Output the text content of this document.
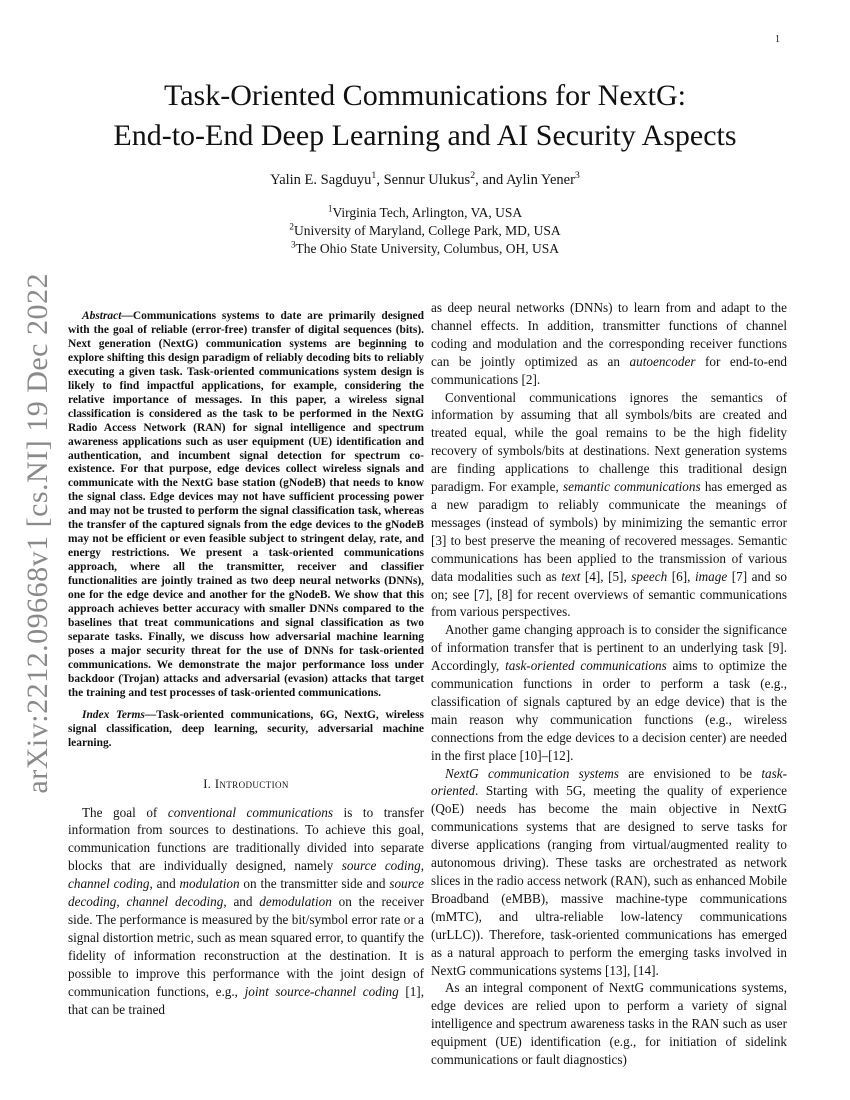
1
arXiv:2212.09668v1 [cs.NI] 19 Dec 2022
Task-Oriented Communications for NextG:
End-to-End Deep Learning and AI Security Aspects
Yalin E. Sagduyu$^1$, Sennur Ulukus$^2$, and Aylin Yener$^3$
$^1$Virginia Tech, Arlington, VA, USA
$^2$University of Maryland, College Park, MD, USA
$^3$The Ohio State University, Columbus, OH, USA

Abstract—Communications systems to date are primarily designed with the goal of reliable (error-free) transfer of digital sequences (bits). Next generation (NextG) communication systems are beginning to explore shifting this design paradigm of reliably decoding bits to reliably executing a given task. Task-oriented communications system design is likely to find impactful applications, for example, considering the relative importance of messages. In this paper, a wireless signal classification is considered as the task to be performed in the NextG Radio Access Network (RAN) for signal intelligence and spectrum awareness applications such as user equipment (UE) identification and authentication, and incumbent signal detection for spectrum co-existence. For that purpose, edge devices collect wireless signals and communicate with the NextG base station (gNodeB) that needs to know the signal class. Edge devices may not have sufficient processing power and may not be trusted to perform the signal classification task, whereas the transfer of the captured signals from the edge devices to the gNodeB may not be efficient or even feasible subject to stringent delay, rate, and energy restrictions. We present a task-oriented communications approach, where all the transmitter, receiver and classifier functionalities are jointly trained as two deep neural networks (DNNs), one for the edge device and another for the gNodeB. We show that this approach achieves better accuracy with smaller DNNs compared to the baselines that treat communications and signal classification as two separate tasks. Finally, we discuss how adversarial machine learning poses a major security threat for the use of DNNs for task-oriented communications. We demonstrate the major performance loss under backdoor (Trojan) attacks and adversarial (evasion) attacks that target the training and test processes of task-oriented communications.

Index Terms—Task-oriented communications, 6G, NextG, wireless signal classification, deep learning, security, adversarial machine learning.

I. Introduction

The goal of conventional communications is to transfer information from sources to destinations. To achieve this goal, communication functions are traditionally divided into separate blocks that are individually designed, namely source coding, channel coding, and modulation on the transmitter side and source decoding, channel decoding, and demodulation on the receiver side. The performance is measured by the bit/symbol error rate or a signal distortion metric, such as mean squared error, to quantify the fidelity of information reconstruction at the destination. It is possible to improve this performance with the joint design of communication functions, e.g., joint source-channel coding [1], that can be trained

as deep neural networks (DNNs) to learn from and adapt to the channel effects. In addition, transmitter functions of channel coding and modulation and the corresponding receiver functions can be jointly optimized as an autoencoder for end-to-end communications [2].

Conventional communications ignores the semantics of information by assuming that all symbols/bits are created and treated equal, while the goal remains to be the high fidelity recovery of symbols/bits at destinations. Next generation systems are finding applications to challenge this traditional design paradigm. For example, semantic communications has emerged as a new paradigm to reliably communicate the meanings of messages (instead of symbols) by minimizing the semantic error [3] to best preserve the meaning of recovered messages. Semantic communications has been applied to the transmission of various data modalities such as text [4], [5], speech [6], image [7] and so on; see [7], [8] for recent overviews of semantic communications from various perspectives.

Another game changing approach is to consider the significance of information transfer that is pertinent to an underlying task [9]. Accordingly, task-oriented communications aims to optimize the communication functions in order to perform a task (e.g., classification of signals captured by an edge device) that is the main reason why communication functions (e.g., wireless connections from the edge devices to a decision center) are needed in the first place [10]–[12].

NextG communication systems are envisioned to be task-oriented. Starting with 5G, meeting the quality of experience (QoE) needs has become the main objective in NextG communications systems that are designed to serve tasks for diverse applications (ranging from virtual/augmented reality to autonomous driving). These tasks are orchestrated as network slices in the radio access network (RAN), such as enhanced Mobile Broadband (eMBB), massive machine-type communications (mMTC), and ultra-reliable low-latency communications (urLLC)). Therefore, task-oriented communications has emerged as a natural approach to perform the emerging tasks involved in NextG communications systems [13], [14].

As an integral component of NextG communications systems, edge devices are relied upon to perform a variety of signal intelligence and spectrum awareness tasks in the RAN such as user equipment (UE) identification (e.g., for initiation of sidelink communications or fault diagnostics)
